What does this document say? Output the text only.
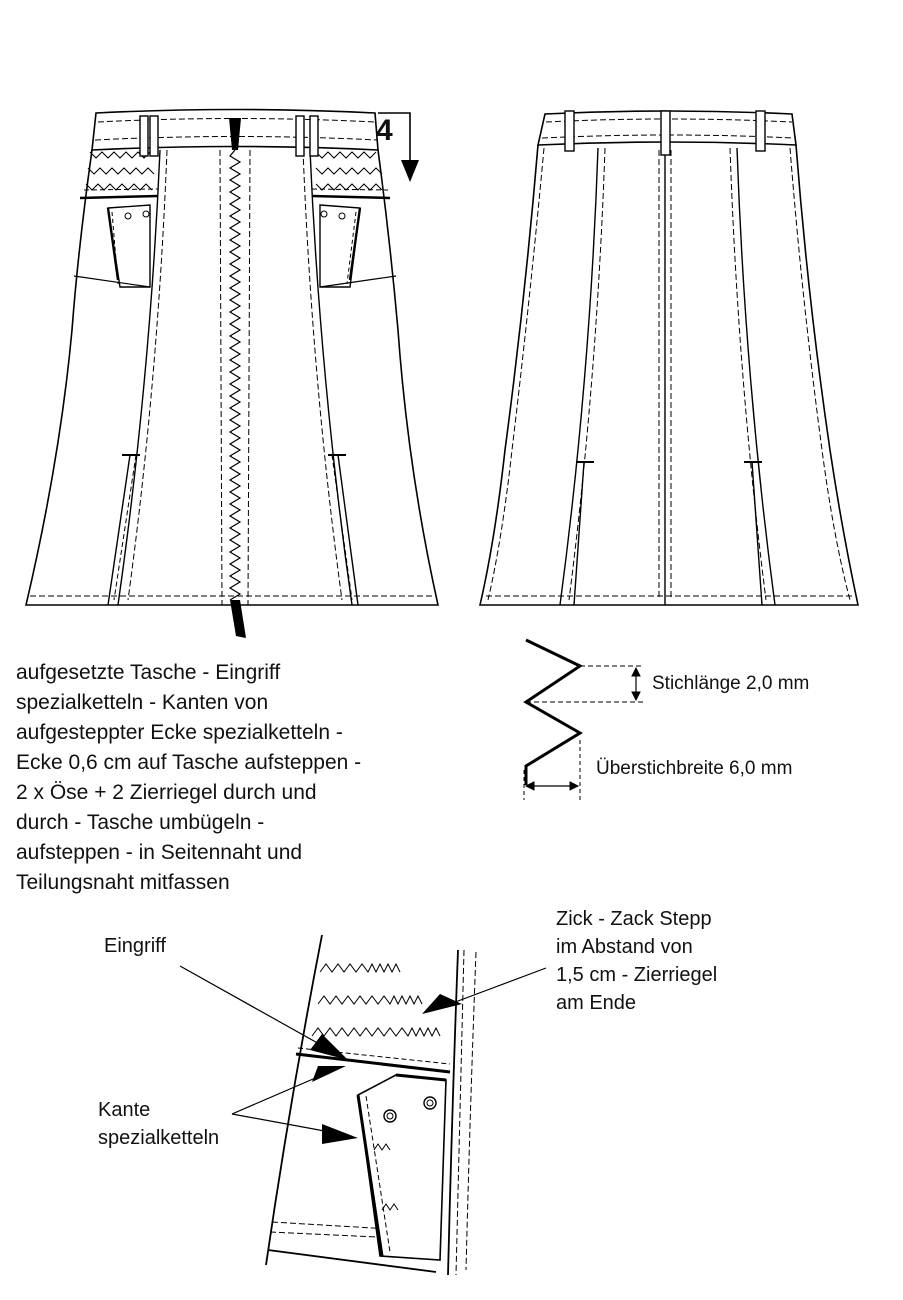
4
aufgesetzte Tasche - Eingriff
spezialketteln - Kanten von
aufgesteppter Ecke spezialketteln -
Ecke 0,6 cm auf Tasche aufsteppen -
2 x Öse + 2 Zierriegel durch und
durch - Tasche umbügeln -
aufsteppen - in Seitennaht und
Teilungsnaht mitfassen
Stichlänge 2,0 mm
Überstichbreite 6,0 mm
Eingriff
Kante
spezialketteln
Zick - Zack Stepp
im Abstand von
1,5 cm - Zierriegel
am Ende
